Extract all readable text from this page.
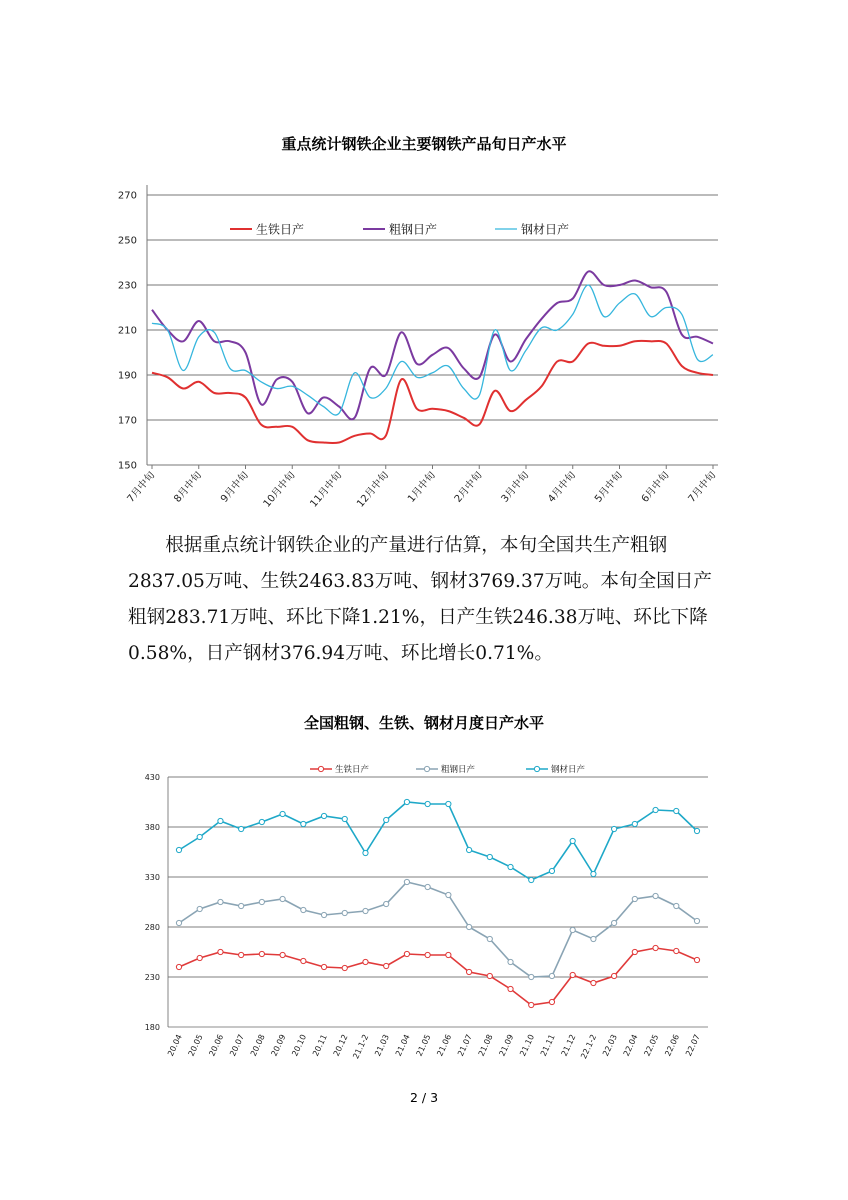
重点统计钢铁企业主要钢铁产品旬日产水平
150
170
190
210
230
250
270
7月中旬 8月中旬 9月中旬 10月中旬 11月中旬 12月中旬 1月中旬 2月中旬 3月中旬 4月中旬 5月中旬 6月中旬 7月中旬
生铁日产	粗钢日产	钢材日产

根据重点统计钢铁企业的产量进行估算，本旬全国共生产粗钢2837.05万吨、生铁2463.83万吨、钢材3769.37万吨。本旬全国日产粗钢283.71万吨、环比下降1.21%，日产生铁246.38万吨、环比下降0.58%，日产钢材376.94万吨、环比增长0.71%。

全国粗钢、生铁、钢材月度日产水平
180
230
280
330
380
430
20.04 20.05 20.06 20.07 20.08 20.09 20.10 20.11 20.12 21.1-2 21.03 21.04 21.05 21.06 21.07 21.08 21.09 21.10 21.11 21.12 22.1-2 22.03 22.04 22.05 22.06 22.07
生铁日产	粗钢日产	钢材日产
2 / 3
